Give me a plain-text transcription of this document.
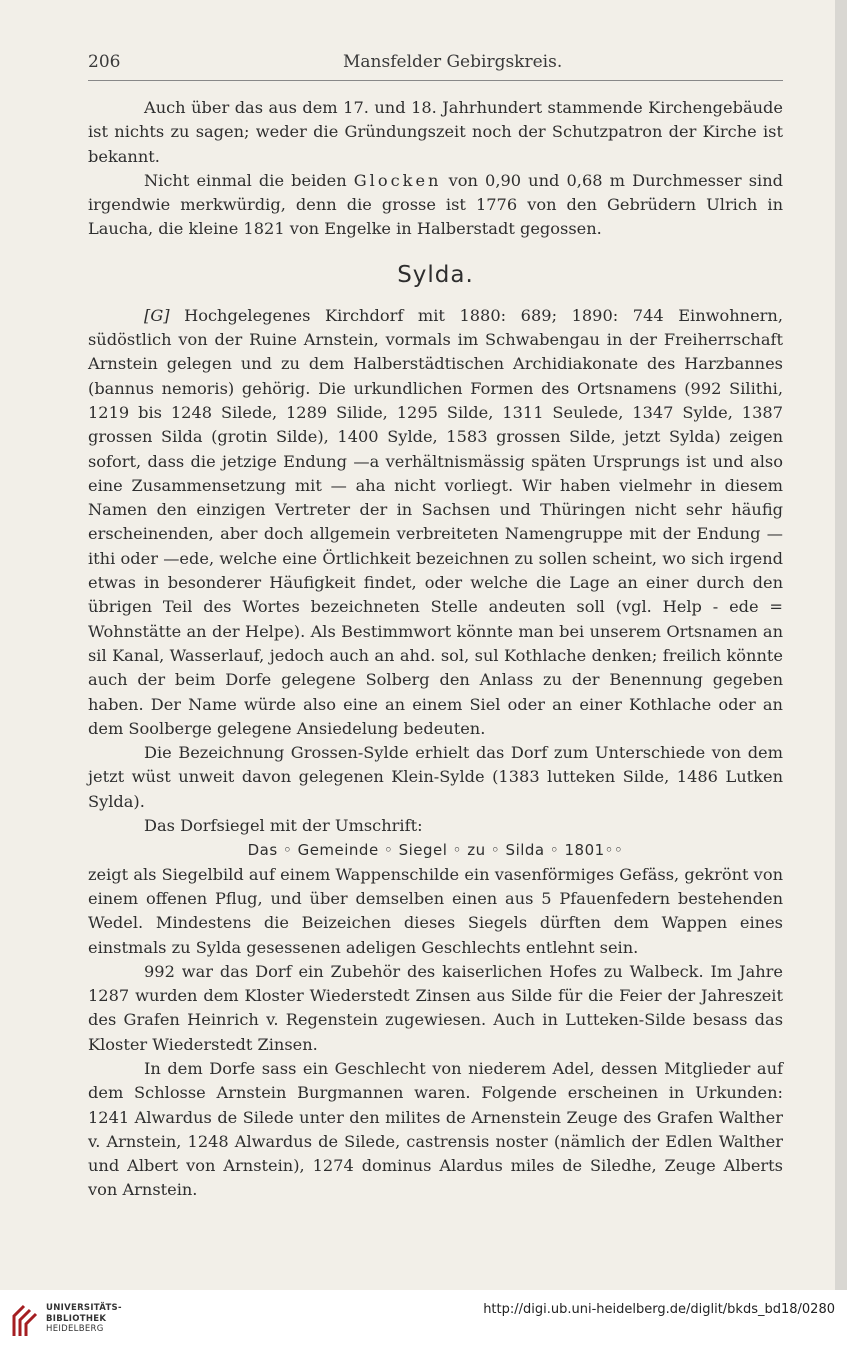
206	Mansfelder Gebirgskreis.

Auch über das aus dem 17. und 18. Jahrhundert stammende Kirchengebäude ist nichts zu sagen; weder die Gründungszeit noch der Schutzpatron der Kirche ist bekannt.

Nicht einmal die beiden Glocken von 0,90 und 0,68 m Durchmesser sind irgendwie merkwürdig, denn die grosse ist 1776 von den Gebrüdern Ulrich in Laucha, die kleine 1821 von Engelke in Halberstadt gegossen.

Sylda.

[G] Hochgelegenes Kirchdorf mit 1880: 689; 1890: 744 Einwohnern, südöstlich von der Ruine Arnstein, vormals im Schwabengau in der Freiherrschaft Arnstein gelegen und zu dem Halberstädtischen Archidiakonate des Harzbannes (bannus nemoris) gehörig. Die urkundlichen Formen des Ortsnamens (992 Silithi, 1219 bis 1248 Silede, 1289 Silide, 1295 Silde, 1311 Seulede, 1347 Sylde, 1387 grossen Silda (grotin Silde), 1400 Sylde, 1583 grossen Silde, jetzt Sylda) zeigen sofort, dass die jetzige Endung —a verhältnismässig späten Ursprungs ist und also eine Zusammensetzung mit — aha nicht vorliegt. Wir haben vielmehr in diesem Namen den einzigen Vertreter der in Sachsen und Thüringen nicht sehr häufig erscheinenden, aber doch allgemein verbreiteten Namengruppe mit der Endung —ithi oder —ede, welche eine Örtlichkeit bezeichnen zu sollen scheint, wo sich irgend etwas in besonderer Häufigkeit findet, oder welche die Lage an einer durch den übrigen Teil des Wortes bezeichneten Stelle andeuten soll (vgl. Help - ede = Wohnstätte an der Helpe). Als Bestimmwort könnte man bei unserem Ortsnamen an sil Kanal, Wasserlauf, jedoch auch an ahd. sol, sul Kothlache denken; freilich könnte auch der beim Dorfe gelegene Solberg den Anlass zu der Benennung gegeben haben. Der Name würde also eine an einem Siel oder an einer Kothlache oder an dem Soolberge gelegene Ansiedelung bedeuten.

Die Bezeichnung Grossen-Sylde erhielt das Dorf zum Unterschiede von dem jetzt wüst unweit davon gelegenen Klein-Sylde (1383 lutteken Silde, 1486 Lutken Sylda).

Das Dorfsiegel mit der Umschrift:

Das ◦ Gemeinde ◦ Siegel ◦ zu ◦ Silda ◦ 1801◦◦

zeigt als Siegelbild auf einem Wappenschilde ein vasenförmiges Gefäss, gekrönt von einem offenen Pflug, und über demselben einen aus 5 Pfauenfedern bestehenden Wedel. Mindestens die Beizeichen dieses Siegels dürften dem Wappen eines einstmals zu Sylda gesessenen adeligen Geschlechts entlehnt sein.

992 war das Dorf ein Zubehör des kaiserlichen Hofes zu Walbeck. Im Jahre 1287 wurden dem Kloster Wiederstedt Zinsen aus Silde für die Feier der Jahreszeit des Grafen Heinrich v. Regenstein zugewiesen. Auch in Lutteken-Silde besass das Kloster Wiederstedt Zinsen.

In dem Dorfe sass ein Geschlecht von niederem Adel, dessen Mitglieder auf dem Schlosse Arnstein Burgmannen waren. Folgende erscheinen in Urkunden: 1241 Alwardus de Silede unter den milites de Arnenstein Zeuge des Grafen Walther v. Arnstein, 1248 Alwardus de Silede, castrensis noster (nämlich der Edlen Walther und Albert von Arnstein), 1274 dominus Alardus miles de Siledhe, Zeuge Alberts von Arnstein.

UNIVERSITÄTS-
BIBLIOTHEK
HEIDELBERG
http://digi.ub.uni-heidelberg.de/diglit/bkds_bd18/0280
